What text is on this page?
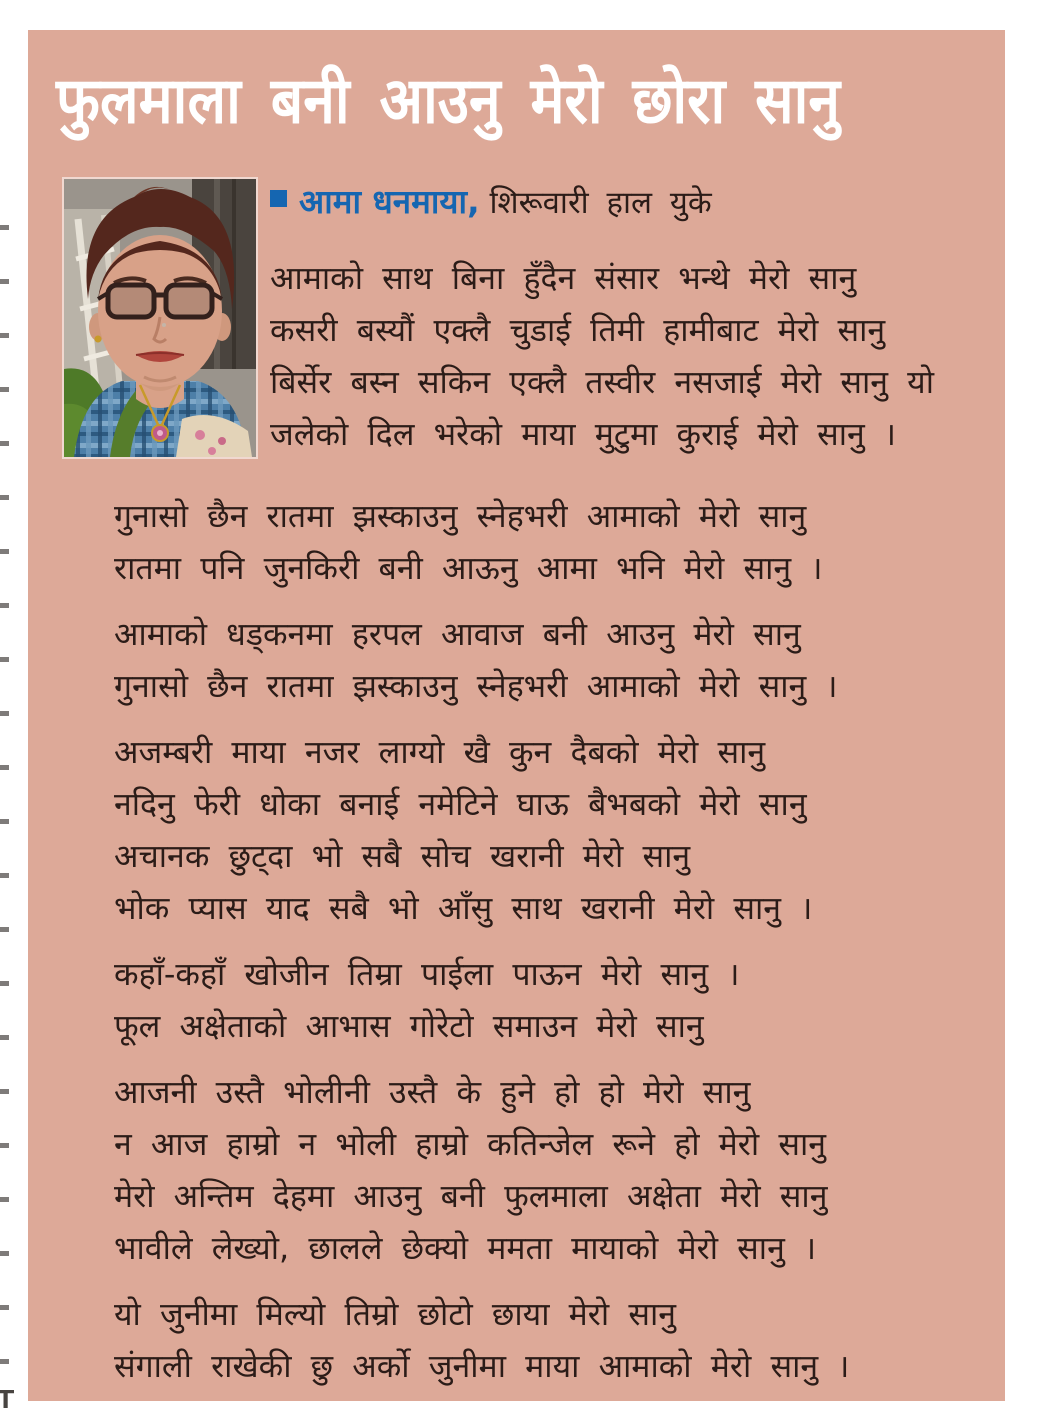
फुलमाला बनी आउनु मेरो छोरा सानु
आमा धनमाया, शिरूवारी हाल युके
आमाको साथ बिना हुँदैन संसार भन्थे मेरो सानु
कसरी बस्यौं एक्लै चुडाई तिमी हामीबाट मेरो सानु
बिर्सेर बस्न सकिन एक्लै तस्वीर नसजाई मेरो सानु यो
जलेको दिल भरेको माया मुटुमा कुराई मेरो सानु ।
गुनासो छैन रातमा झस्काउनु स्नेहभरी आमाको मेरो सानु
रातमा पनि जुनकिरी बनी आऊनु आमा भनि मेरो सानु ।
आमाको धड्कनमा हरपल आवाज बनी आउनु मेरो सानु
गुनासो छैन रातमा झस्काउनु स्नेहभरी आमाको मेरो सानु ।
अजम्बरी माया नजर लाग्यो खै कुन दैबको मेरो सानु
नदिनु फेरी धोका बनाई नमेटिने घाऊ बैभबको मेरो सानु
अचानक छुट्दा भो सबै सोच खरानी मेरो सानु
भोक प्यास याद सबै भो आँसु साथ खरानी मेरो सानु ।
कहाँ-कहाँ खोजीन तिम्रा पाईला पाऊन मेरो सानु ।
फूल अक्षेताको आभास गोरेटो समाउन मेरो सानु
आजनी उस्तै भोलीनी उस्तै के हुने हो हो मेरो सानु
न आज हाम्रो न भोली हाम्रो कतिन्जेल रूने हो मेरो सानु
मेरो अन्तिम देहमा आउनु बनी फुलमाला अक्षेता मेरो सानु
भावीले लेख्यो, छालले छेक्यो ममता मायाको मेरो सानु ।
यो जुनीमा मिल्यो तिम्रो छोटो छाया मेरो सानु
संगाली राखेकी छु अर्को जुनीमा माया आमाको मेरो सानु ।
